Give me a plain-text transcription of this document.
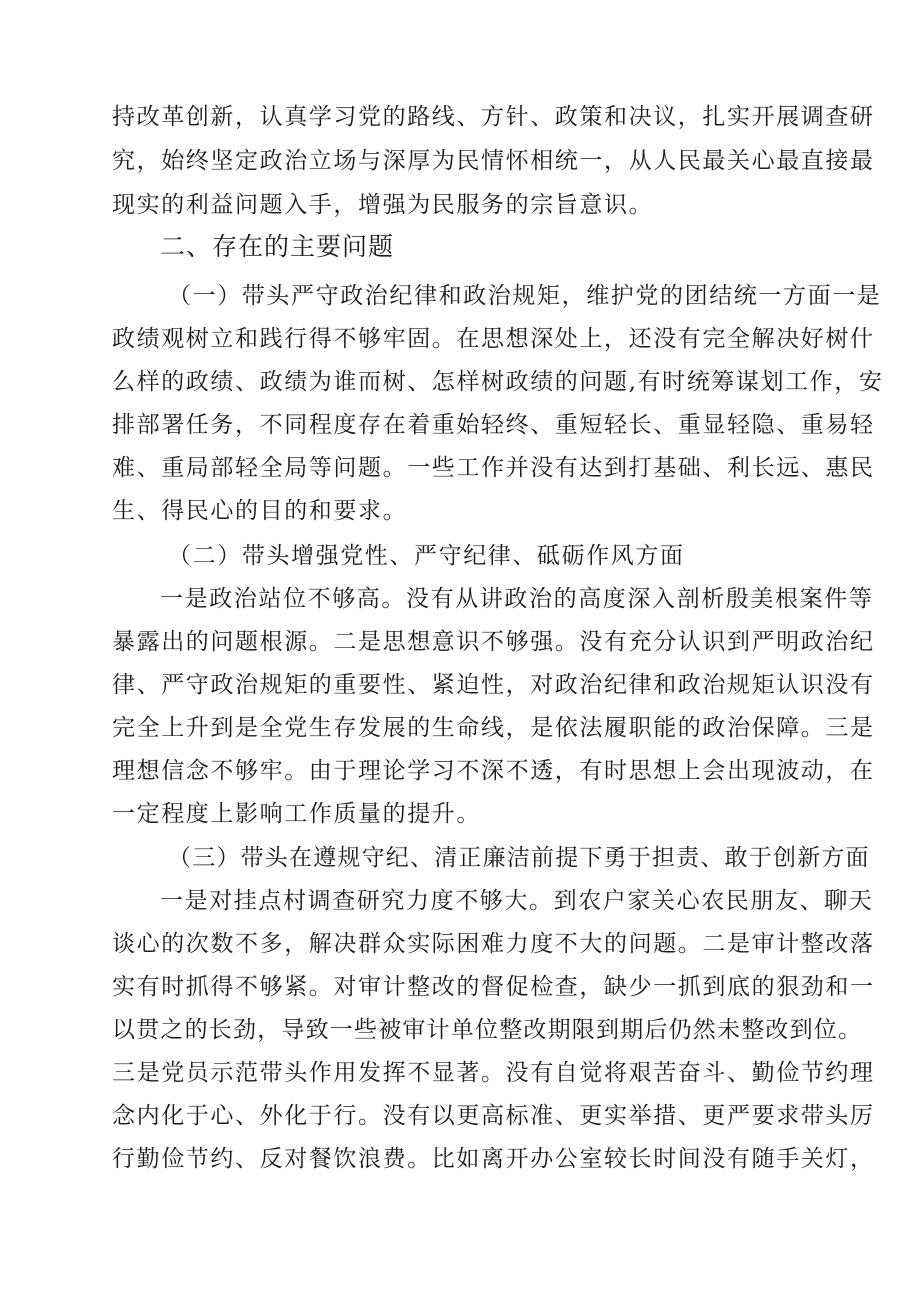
持改革创新，认真学习党的路线、方针、政策和决议，扎实开展调查研
究，始终坚定政治立场与深厚为民情怀相统一，从人民最关心最直接最
现实的利益问题入手，增强为民服务的宗旨意识。
二、存在的主要问题
（一）带头严守政治纪律和政治规矩，维护党的团结统一方面一是
政绩观树立和践行得不够牢固。在思想深处上，还没有完全解决好树什
么样的政绩、政绩为谁而树、怎样树政绩的问题,有时统筹谋划工作，安
排部署任务，不同程度存在着重始轻终、重短轻长、重显轻隐、重易轻
难、重局部轻全局等问题。一些工作并没有达到打基础、利长远、惠民
生、得民心的目的和要求。
（二）带头增强党性、严守纪律、砥砺作风方面
一是政治站位不够高。没有从讲政治的高度深入剖析殷美根案件等
暴露出的问题根源。二是思想意识不够强。没有充分认识到严明政治纪
律、严守政治规矩的重要性、紧迫性，对政治纪律和政治规矩认识没有
完全上升到是全党生存发展的生命线，是依法履职能的政治保障。三是
理想信念不够牢。由于理论学习不深不透，有时思想上会出现波动，在
一定程度上影响工作质量的提升。
（三）带头在遵规守纪、清正廉洁前提下勇于担责、敢于创新方面
一是对挂点村调查研究力度不够大。到农户家关心农民朋友、聊天
谈心的次数不多，解决群众实际困难力度不大的问题。二是审计整改落
实有时抓得不够紧。对审计整改的督促检查，缺少一抓到底的狠劲和一
以贯之的长劲，导致一些被审计单位整改期限到期后仍然未整改到位。
三是党员示范带头作用发挥不显著。没有自觉将艰苦奋斗、勤俭节约理
念内化于心、外化于行。没有以更高标准、更实举措、更严要求带头厉
行勤俭节约、反对餐饮浪费。比如离开办公室较长时间没有随手关灯，
